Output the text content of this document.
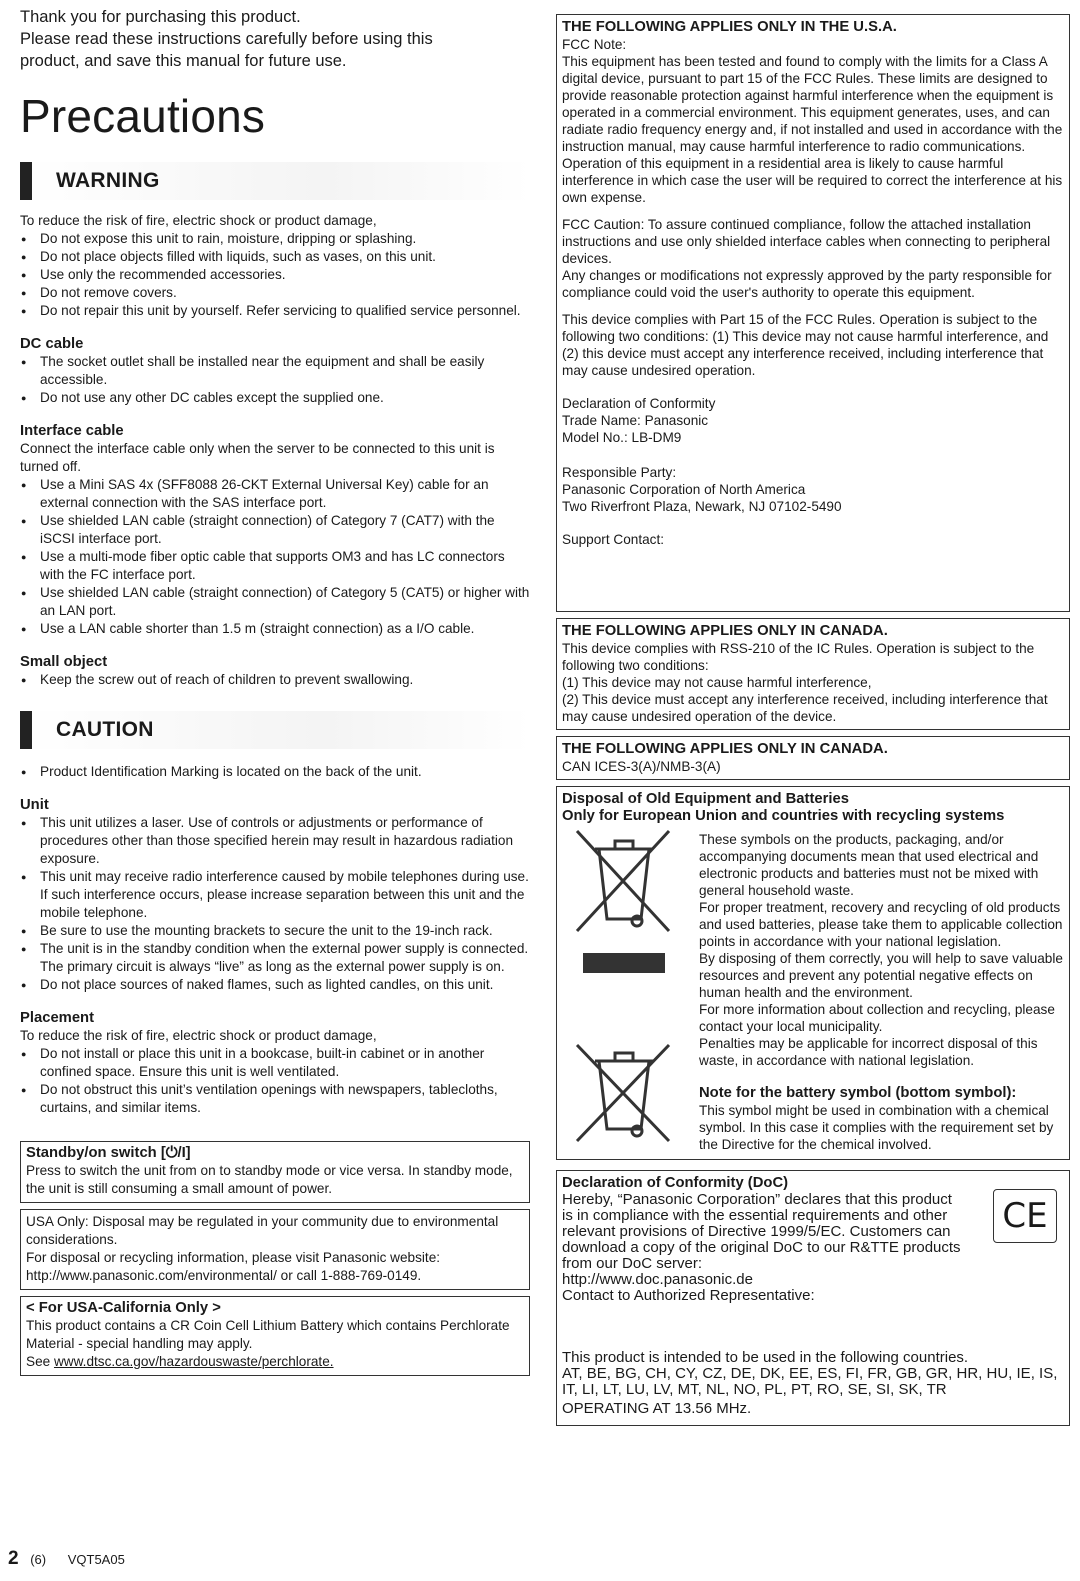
Thank you for purchasing this product.
Please read these instructions carefully before using this
product, and save this manual for future use.

Precautions
WARNING
To reduce the risk of fire, electric shock or product damage,
● Do not expose this unit to rain, moisture, dripping or splashing.
● Do not place objects filled with liquids, such as vases, on this unit.
● Use only the recommended accessories.
● Do not remove covers.
● Do not repair this unit by yourself. Refer servicing to qualified service personnel.
DC cable
● The socket outlet shall be installed near the equipment and shall be easily accessible.
● Do not use any other DC cables except the supplied one.
Interface cable
Connect the interface cable only when the server to be connected to this unit is turned off.
● Use a Mini SAS 4x (SFF8088 26-CKT External Universal Key) cable for an external connection with the SAS interface port.
● Use shielded LAN cable (straight connection) of Category 7 (CAT7) with the iSCSI interface port.
● Use a multi-mode fiber optic cable that supports OM3 and has LC connectors with the FC interface port.
● Use shielded LAN cable (straight connection) of Category 5 (CAT5) or higher with an LAN port.
● Use a LAN cable shorter than 1.5 m (straight connection) as a I/O cable.
Small object
● Keep the screw out of reach of children to prevent swallowing.
CAUTION
● Product Identification Marking is located on the back of the unit.
Unit
● This unit utilizes a laser. Use of controls or adjustments or performance of procedures other than those specified herein may result in hazardous radiation exposure.
● This unit may receive radio interference caused by mobile telephones during use. If such interference occurs, please increase separation between this unit and the mobile telephone.
● Be sure to use the mounting brackets to secure the unit to the 19-inch rack.
● The unit is in the standby condition when the external power supply is connected. The primary circuit is always “live” as long as the external power supply is on.
● Do not place sources of naked flames, such as lighted candles, on this unit.
Placement
To reduce the risk of fire, electric shock or product damage,
● Do not install or place this unit in a bookcase, built-in cabinet or in another confined space. Ensure this unit is well ventilated.
● Do not obstruct this unit’s ventilation openings with newspapers, tablecloths, curtains, and similar items.
Standby/on switch [⏻/I]
Press to switch the unit from on to standby mode or vice versa. In standby mode, the unit is still consuming a small amount of power.
USA Only: Disposal may be regulated in your community due to environmental considerations.
For disposal or recycling information, please visit Panasonic website:
http://www.panasonic.com/environmental/ or call 1-888-769-0149.
< For USA-California Only >
This product contains a CR Coin Cell Lithium Battery which contains Perchlorate Material - special handling may apply.
See www.dtsc.ca.gov/hazardouswaste/perchlorate.
THE FOLLOWING APPLIES ONLY IN THE U.S.A.
FCC Note:
This equipment has been tested and found to comply with the limits for a Class A digital device, pursuant to part 15 of the FCC Rules. These limits are designed to provide reasonable protection against harmful interference when the equipment is operated in a commercial environment. This equipment generates, uses, and can radiate radio frequency energy and, if not installed and used in accordance with the instruction manual, may cause harmful interference to radio communications. Operation of this equipment in a residential area is likely to cause harmful interference in which case the user will be required to correct the interference at his own expense.
FCC Caution: To assure continued compliance, follow the attached installation instructions and use only shielded interface cables when connecting to peripheral devices.
Any changes or modifications not expressly approved by the party responsible for compliance could void the user's authority to operate this equipment.
This device complies with Part 15 of the FCC Rules. Operation is subject to the following two conditions: (1) This device may not cause harmful interference, and (2) this device must accept any interference received, including interference that may cause undesired operation.
Declaration of Conformity
Trade Name: Panasonic
Model No.: LB-DM9
Responsible Party:
Panasonic Corporation of North America
Two Riverfront Plaza, Newark, NJ 07102-5490
Support Contact:
THE FOLLOWING APPLIES ONLY IN CANADA.
This device complies with RSS-210 of the IC Rules. Operation is subject to the following two conditions:
(1) This device may not cause harmful interference,
(2) This device must accept any interference received, including interference that may cause undesired operation of the device.
THE FOLLOWING APPLIES ONLY IN CANADA.
CAN ICES-3(A)/NMB-3(A)
Disposal of Old Equipment and Batteries
Only for European Union and countries with recycling systems
These symbols on the products, packaging, and/or accompanying documents mean that used electrical and electronic products and batteries must not be mixed with general household waste.
For proper treatment, recovery and recycling of old products and used batteries, please take them to applicable collection points in accordance with your national legislation.
By disposing of them correctly, you will help to save valuable resources and prevent any potential negative effects on human health and the environment.
For more information about collection and recycling, please contact your local municipality.
Penalties may be applicable for incorrect disposal of this waste, in accordance with national legislation.
Note for the battery symbol (bottom symbol):
This symbol might be used in combination with a chemical symbol. In this case it complies with the requirement set by the Directive for the chemical involved.
Declaration of Conformity (DoC)
Hereby, “Panasonic Corporation” declares that this product is in compliance with the essential requirements and other relevant provisions of Directive 1999/5/EC. Customers can download a copy of the original DoC to our R&TTE products from our DoC server:
http://www.doc.panasonic.de
Contact to Authorized Representative:
This product is intended to be used in the following countries.
AT, BE, BG, CH, CY, CZ, DE, DK, EE, ES, FI, FR, GB, GR, HR, HU, IE, IS, IT, LI, LT, LU, LV, MT, NL, NO, PL, PT, RO, SE, SI, SK, TR
OPERATING AT 13.56 MHz.
CE
2 (6) VQT5A05
